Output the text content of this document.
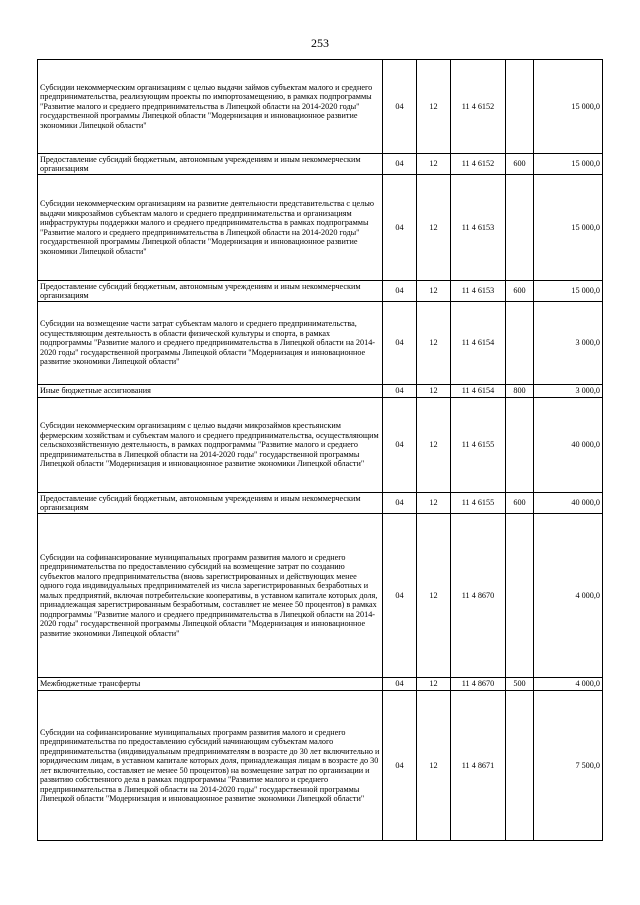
253
Субсидии некоммерческим организациям с целью выдачи займов субъектам малого и среднего предпринимательства, реализующим проекты по импортозамещению, в рамках подпрограммы "Развитие малого и среднего предпринимательства в Липецкой области на 2014-2020 годы" государственной программы Липецкой области "Модернизация и инновационное развитие экономики Липецкой области"	04	12	11 4 6152		15 000,0
Предоставление субсидий бюджетным, автономным учреждениям и иным некоммерческим организациям	04	12	11 4 6152	600	15 000,0
Субсидии некоммерческим организациям на развитие деятельности представительства с целью выдачи микрозаймов субъектам малого и среднего предпринимательства и организациям инфраструктуры поддержки малого и среднего предпринимательства в рамках подпрограммы "Развитие малого и среднего предпринимательства в Липецкой области на 2014-2020 годы" государственной программы Липецкой области "Модернизация и инновационное развитие экономики Липецкой области"	04	12	11 4 6153		15 000,0
Предоставление субсидий бюджетным, автономным учреждениям и иным некоммерческим организациям	04	12	11 4 6153	600	15 000,0
Субсидии на возмещение части затрат субъектам малого и среднего предпринимательства, осуществляющим деятельность в области физической культуры и спорта, в рамках подпрограммы "Развитие малого и среднего предпринимательства в Липецкой области на 2014-2020 годы" государственной программы Липецкой области "Модернизация и инновационное развитие экономики Липецкой области"	04	12	11 4 6154		3 000,0
Иные бюджетные ассигнования	04	12	11 4 6154	800	3 000,0
Субсидии некоммерческим организациям с целью выдачи микрозаймов крестьянским фермерским хозяйствам и субъектам малого и среднего предпринимательства, осуществляющим сельскохозяйственную деятельность, в рамках подпрограммы "Развитие малого и среднего предпринимательства в Липецкой области на 2014-2020 годы" государственной программы Липецкой области "Модернизация и инновационное развитие экономики Липецкой области"	04	12	11 4 6155		40 000,0
Предоставление субсидий бюджетным, автономным учреждениям и иным некоммерческим организациям	04	12	11 4 6155	600	40 000,0
Субсидии на софинансирование муниципальных программ развития малого и среднего предпринимательства по предоставлению субсидий на возмещение затрат по созданию субъектов малого предпринимательства (вновь зарегистрированных и действующих менее одного года индивидуальных предпринимателей из числа зарегистрированных безработных и малых предприятий, включая потребительские кооперативы, в уставном капитале которых доля, принадлежащая зарегистрированным безработным, составляет не менее 50 процентов) в рамках подпрограммы "Развитие малого и среднего предпринимательства в Липецкой области на 2014-2020 годы" государственной программы Липецкой области "Модернизация и инновационное развитие экономики Липецкой области"	04	12	11 4 8670		4 000,0
Межбюджетные трансферты	04	12	11 4 8670	500	4 000,0
Субсидии на софинансирование муниципальных программ развития малого и среднего предпринимательства по предоставлению субсидий начинающим субъектам малого предпринимательства (индивидуальным предпринимателям в возрасте до 30 лет включительно и юридическим лицам, в уставном капитале которых доля, принадлежащая лицам в возрасте до 30 лет включительно, составляет не менее 50 процентов) на возмещение затрат по организации и развитию собственного дела в рамках подпрограммы "Развитие малого и среднего предпринимательства в Липецкой области на 2014-2020 годы" государственной программы Липецкой области "Модернизация и инновационное развитие экономики Липецкой области"	04	12	11 4 8671		7 500,0
